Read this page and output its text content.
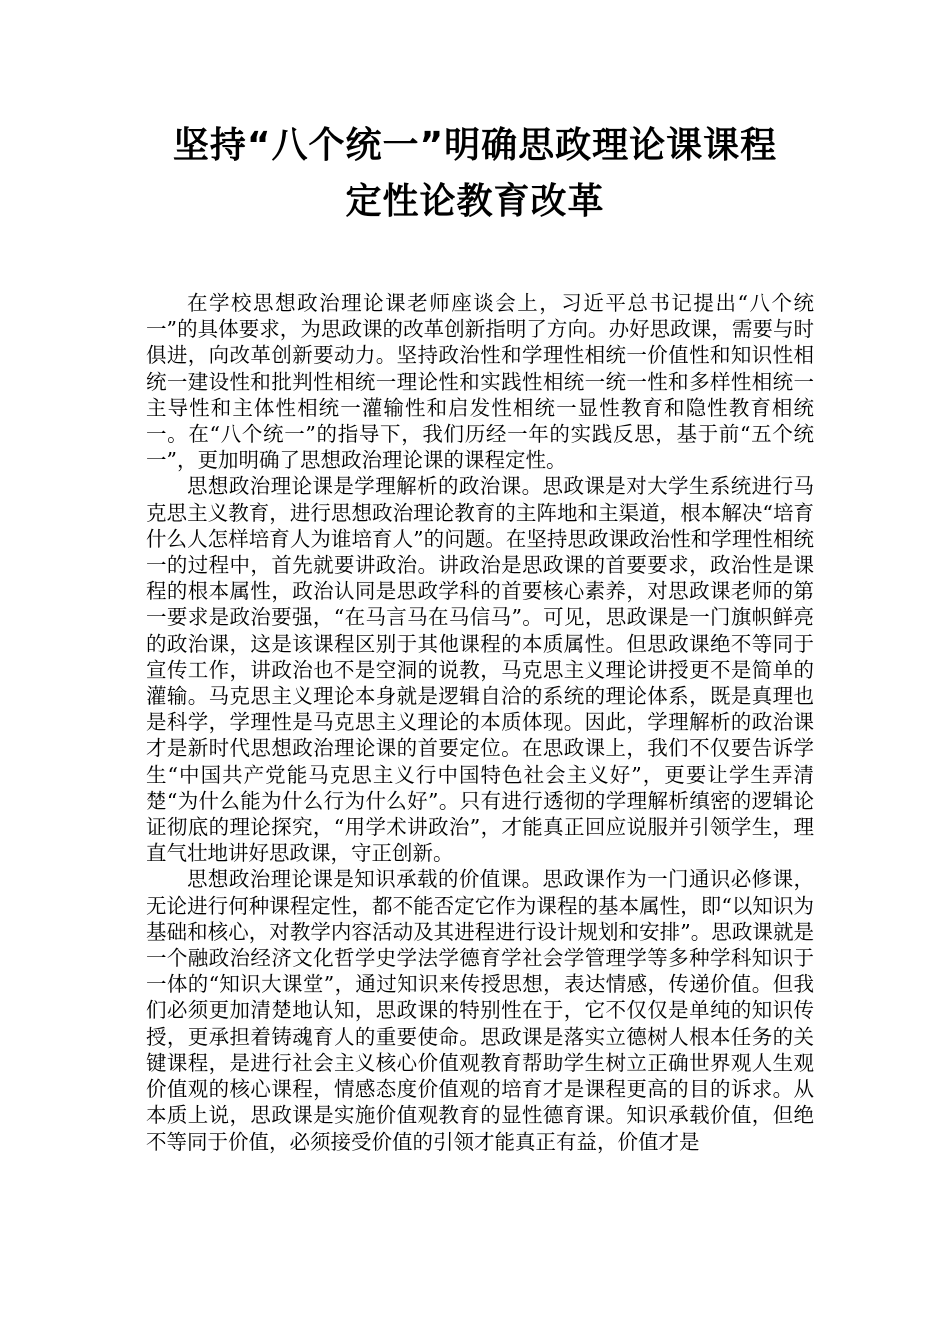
坚持“八个统一”明确思政理论课课程
定性论教育改革

在学校思想政治理论课老师座谈会上，习近平总书记提出“八个统一”的具体要求，为思政课的改革创新指明了方向。办好思政课，需要与时俱进，向改革创新要动力。坚持政治性和学理性相统一价值性和知识性相统一建设性和批判性相统一理论性和实践性相统一统一性和多样性相统一主导性和主体性相统一灌输性和启发性相统一显性教育和隐性教育相统一。在“八个统一”的指导下，我们历经一年的实践反思，基于前“五个统一”，更加明确了思想政治理论课的课程定性。

思想政治理论课是学理解析的政治课。思政课是对大学生系统进行马克思主义教育，进行思想政治理论教育的主阵地和主渠道，根本解决“培育什么人怎样培育人为谁培育人”的问题。在坚持思政课政治性和学理性相统一的过程中，首先就要讲政治。讲政治是思政课的首要要求，政治性是课程的根本属性，政治认同是思政学科的首要核心素养，对思政课老师的第一要求是政治要强，“在马言马在马信马”。可见，思政课是一门旗帜鲜亮的政治课，这是该课程区别于其他课程的本质属性。但思政课绝不等同于宣传工作，讲政治也不是空洞的说教，马克思主义理论讲授更不是简单的灌输。马克思主义理论本身就是逻辑自洽的系统的理论体系，既是真理也是科学，学理性是马克思主义理论的本质体现。因此，学理解析的政治课才是新时代思想政治理论课的首要定位。在思政课上，我们不仅要告诉学生“中国共产党能马克思主义行中国特色社会主义好”，更要让学生弄清楚“为什么能为什么行为什么好”。只有进行透彻的学理解析缜密的逻辑论证彻底的理论探究，“用学术讲政治”，才能真正回应说服并引领学生，理直气壮地讲好思政课，守正创新。

思想政治理论课是知识承载的价值课。思政课作为一门通识必修课，无论进行何种课程定性，都不能否定它作为课程的基本属性，即“以知识为基础和核心，对教学内容活动及其进程进行设计规划和安排”。思政课就是一个融政治经济文化哲学史学法学德育学社会学管理学等多种学科知识于一体的“知识大课堂”，通过知识来传授思想，表达情感，传递价值。但我们必须更加清楚地认知，思政课的特别性在于，它不仅仅是单纯的知识传授，更承担着铸魂育人的重要使命。思政课是落实立德树人根本任务的关键课程，是进行社会主义核心价值观教育帮助学生树立正确世界观人生观价值观的核心课程，情感态度价值观的培育才是课程更高的目的诉求。从本质上说，思政课是实施价值观教育的显性德育课。知识承载价值，但绝不等同于价值，必须接受价值的引领才能真正有益，价值才是
